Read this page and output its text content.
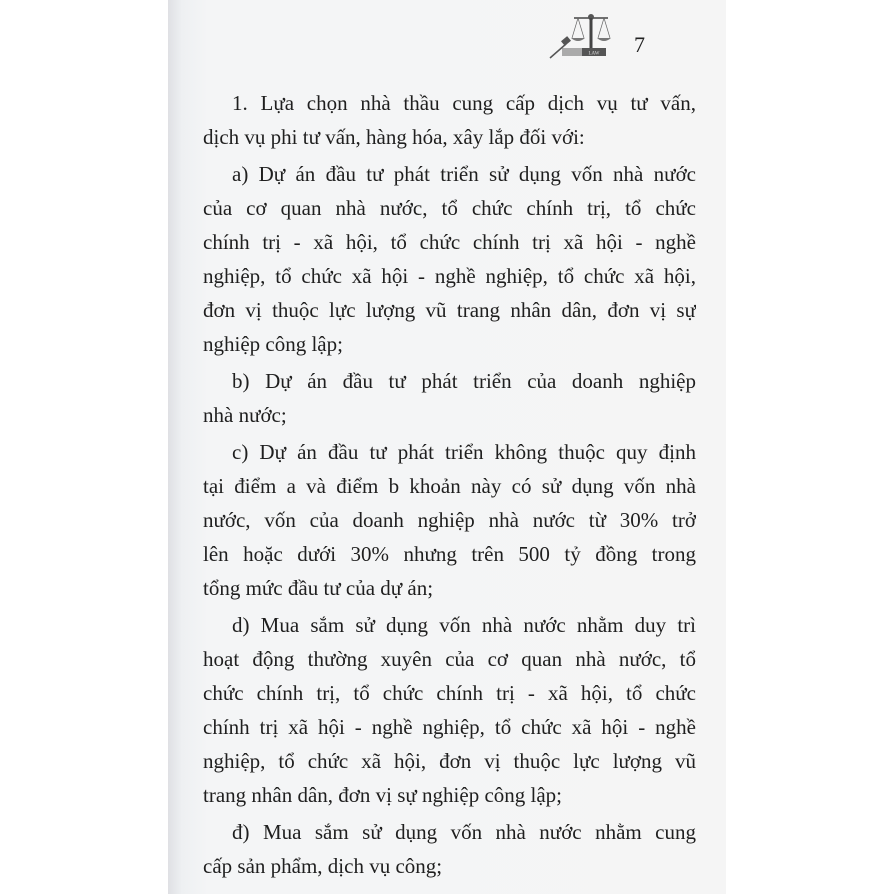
LAW 7
1. Lựa chọn nhà thầu cung cấp dịch vụ tư vấn,
dịch vụ phi tư vấn, hàng hóa, xây lắp đối với:
a) Dự án đầu tư phát triển sử dụng vốn nhà nước
của cơ quan nhà nước, tổ chức chính trị, tổ chức
chính trị - xã hội, tổ chức chính trị xã hội - nghề
nghiệp, tổ chức xã hội - nghề nghiệp, tổ chức xã hội,
đơn vị thuộc lực lượng vũ trang nhân dân, đơn vị sự
nghiệp công lập;
b) Dự án đầu tư phát triển của doanh nghiệp
nhà nước;
c) Dự án đầu tư phát triển không thuộc quy định
tại điểm a và điểm b khoản này có sử dụng vốn nhà
nước, vốn của doanh nghiệp nhà nước từ 30% trở
lên hoặc dưới 30% nhưng trên 500 tỷ đồng trong
tổng mức đầu tư của dự án;
d) Mua sắm sử dụng vốn nhà nước nhằm duy trì
hoạt động thường xuyên của cơ quan nhà nước, tổ
chức chính trị, tổ chức chính trị - xã hội, tổ chức
chính trị xã hội - nghề nghiệp, tổ chức xã hội - nghề
nghiệp, tổ chức xã hội, đơn vị thuộc lực lượng vũ
trang nhân dân, đơn vị sự nghiệp công lập;
đ) Mua sắm sử dụng vốn nhà nước nhằm cung
cấp sản phẩm, dịch vụ công;
